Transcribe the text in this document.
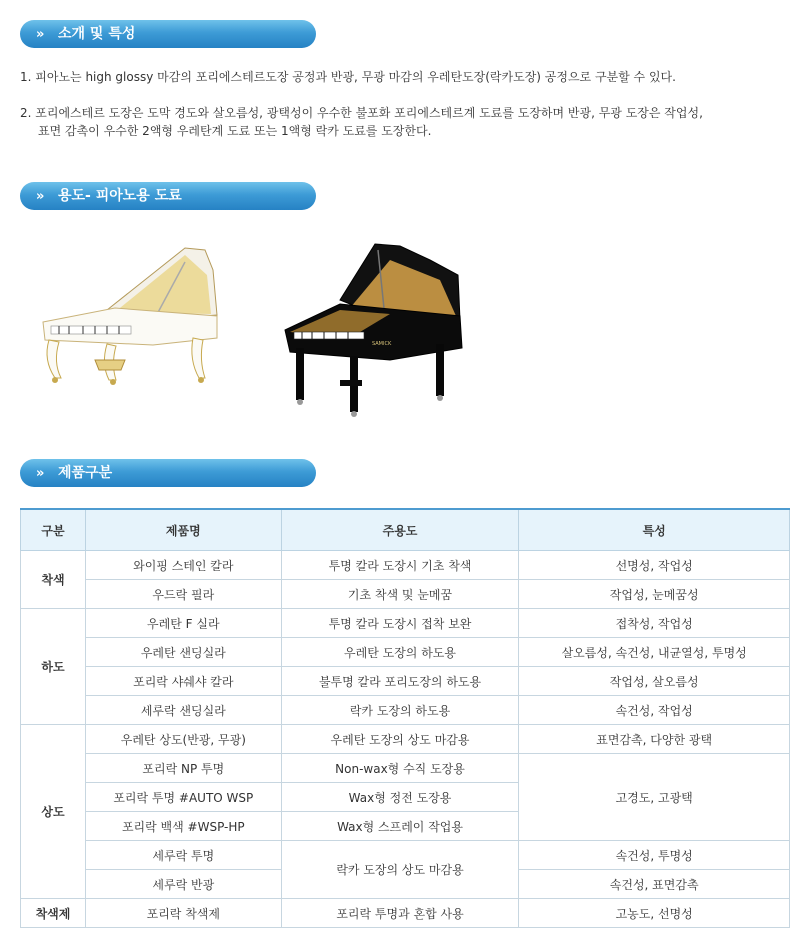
» 소개 및 특성
1. 피아노는 high glossy 마감의 포리에스테르도장 공정과 반광, 무광 마감의 우레탄도장(락카도장) 공정으로 구분할 수 있다.
2. 포리에스테르 도장은 도막 경도와 살오름성, 광택성이 우수한 불포화 포리에스테르계 도료를 도장하며 반광, 무광 도장은 작업성,
표면 감촉이 우수한 2액형 우레탄계 도료 또는 1액형 락카 도료를 도장한다.
» 용도- 피아노용 도료
SAMICK
» 제품구분
구분	제품명	주용도	특성
착색	와이핑 스테인 칼라	투명 칼라 도장시 기초 착색	선명성, 작업성
	우드락 필라	기초 착색 및 눈메꿈	작업성, 눈메꿈성
하도	우레탄 F 실라	투명 칼라 도장시 접착 보완	접착성, 작업성
	우레탄 샌딩실라	우레탄 도장의 하도용	살오름성, 속건성, 내균열성, 투명성
	포리락 샤쉐샤 칼라	불투명 칼라 포리도장의 하도용	작업성, 살오름성
	세루락 샌딩실라	락카 도장의 하도용	속건성, 작업성
상도	우레탄 상도(반광, 무광)	우레탄 도장의 상도 마감용	표면감촉, 다양한 광택
	포리락 NP 투명	Non-wax형 수직 도장용	고경도, 고광택
	포리락 투명 #AUTO WSP	Wax형 정전 도장용	
	포리락 백색 #WSP-HP	Wax형 스프레이 작업용	
	세루락 투명	락카 도장의 상도 마감용	속건성, 투명성
	세루락 반광		속건성, 표면감촉
착색제	포리락 착색제	포리락 투명과 혼합 사용	고농도, 선명성
